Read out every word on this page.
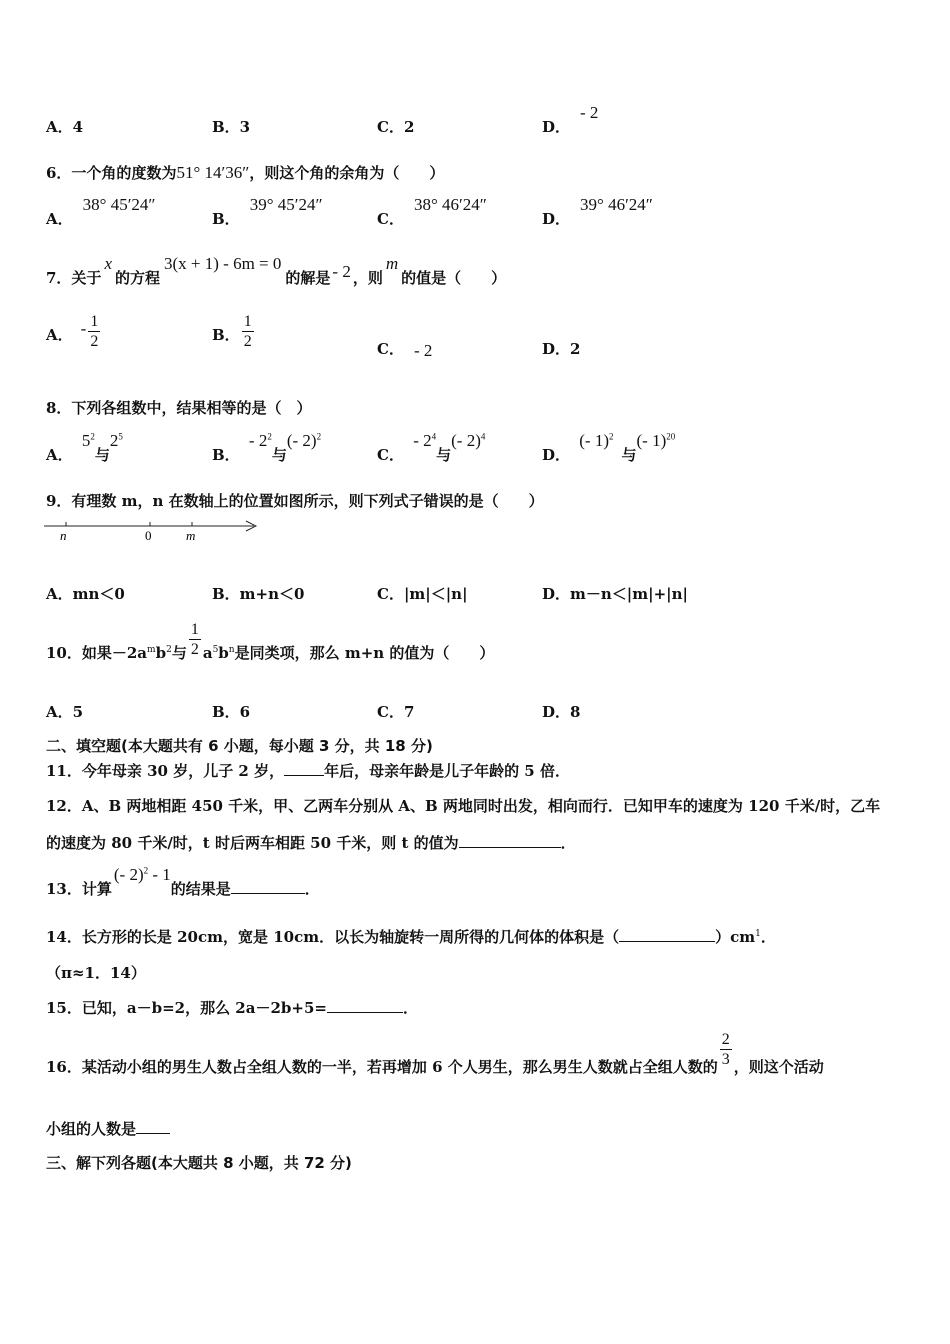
A．4	B．3	C．2	D．- 2
6．一个角的度数为51° 14′36″，则这个角的余角为（　　）
A．38° 45′24″
B．39° 45′24″
C．38° 46′24″
D．39° 46′24″
7．关于x的方程3(x + 1) - 6m = 0的解是 - 2 ，则m的值是（　　）
A． - $\frac{1}{2}$	B． $\frac{1}{2}$	C． - 2	D．2
8．下列各组数中，结果相等的是（　）
A． $5^2$与$2^5$
B． - $2^2$与(- 2)$^2$
C． - $2^4$与(- 2)$^4$
D． (- 1)$^2$与(- 1)$^{20}$
9．有理数 m，n 在数轴上的位置如图所示，则下列式子错误的是（　　）
n	0	m
A．mn＜0	B．m+n＜0	C．|m|＜|n|	D．m－n＜|m|+|n|
10．如果$-2a^mb^2$与 $\frac{1}{2} a^5b^n$是同类项，那么 m+n 的值为（　　）
A．5	B．6	C．7	D．8
二、填空题(本大题共有 6 小题，每小题 3 分，共 18 分)
11．今年母亲 30 岁，儿子 2 岁，	年后，母亲年龄是儿子年龄的 5 倍．
12．A、B 两地相距 450 千米，甲、乙两车分别从 A、B 两地同时出发，相向而行．已知甲车的速度为 120 千米/时，乙车
的速度为 80 千米/时，t 时后两车相距 50 千米，则 t 的值为	．
13．计算(- 2)$^2$ - 1的结果是	．
14．长方形的长是 20cm，宽是 10cm．以长为轴旋转一周所得的几何体的体积是（	）$cm^1$．
（π≈1．14）
15．已知，a－b=2，那么 2a－2b+5=	．
16．某活动小组的男生人数占全组人数的一半，若再增加 6 个人男生，那么男生人数就占全组人数的 $\frac{2}{3}$ ，则这个活动
小组的人数是
三、解下列各题(本大题共 8 小题，共 72 分)
